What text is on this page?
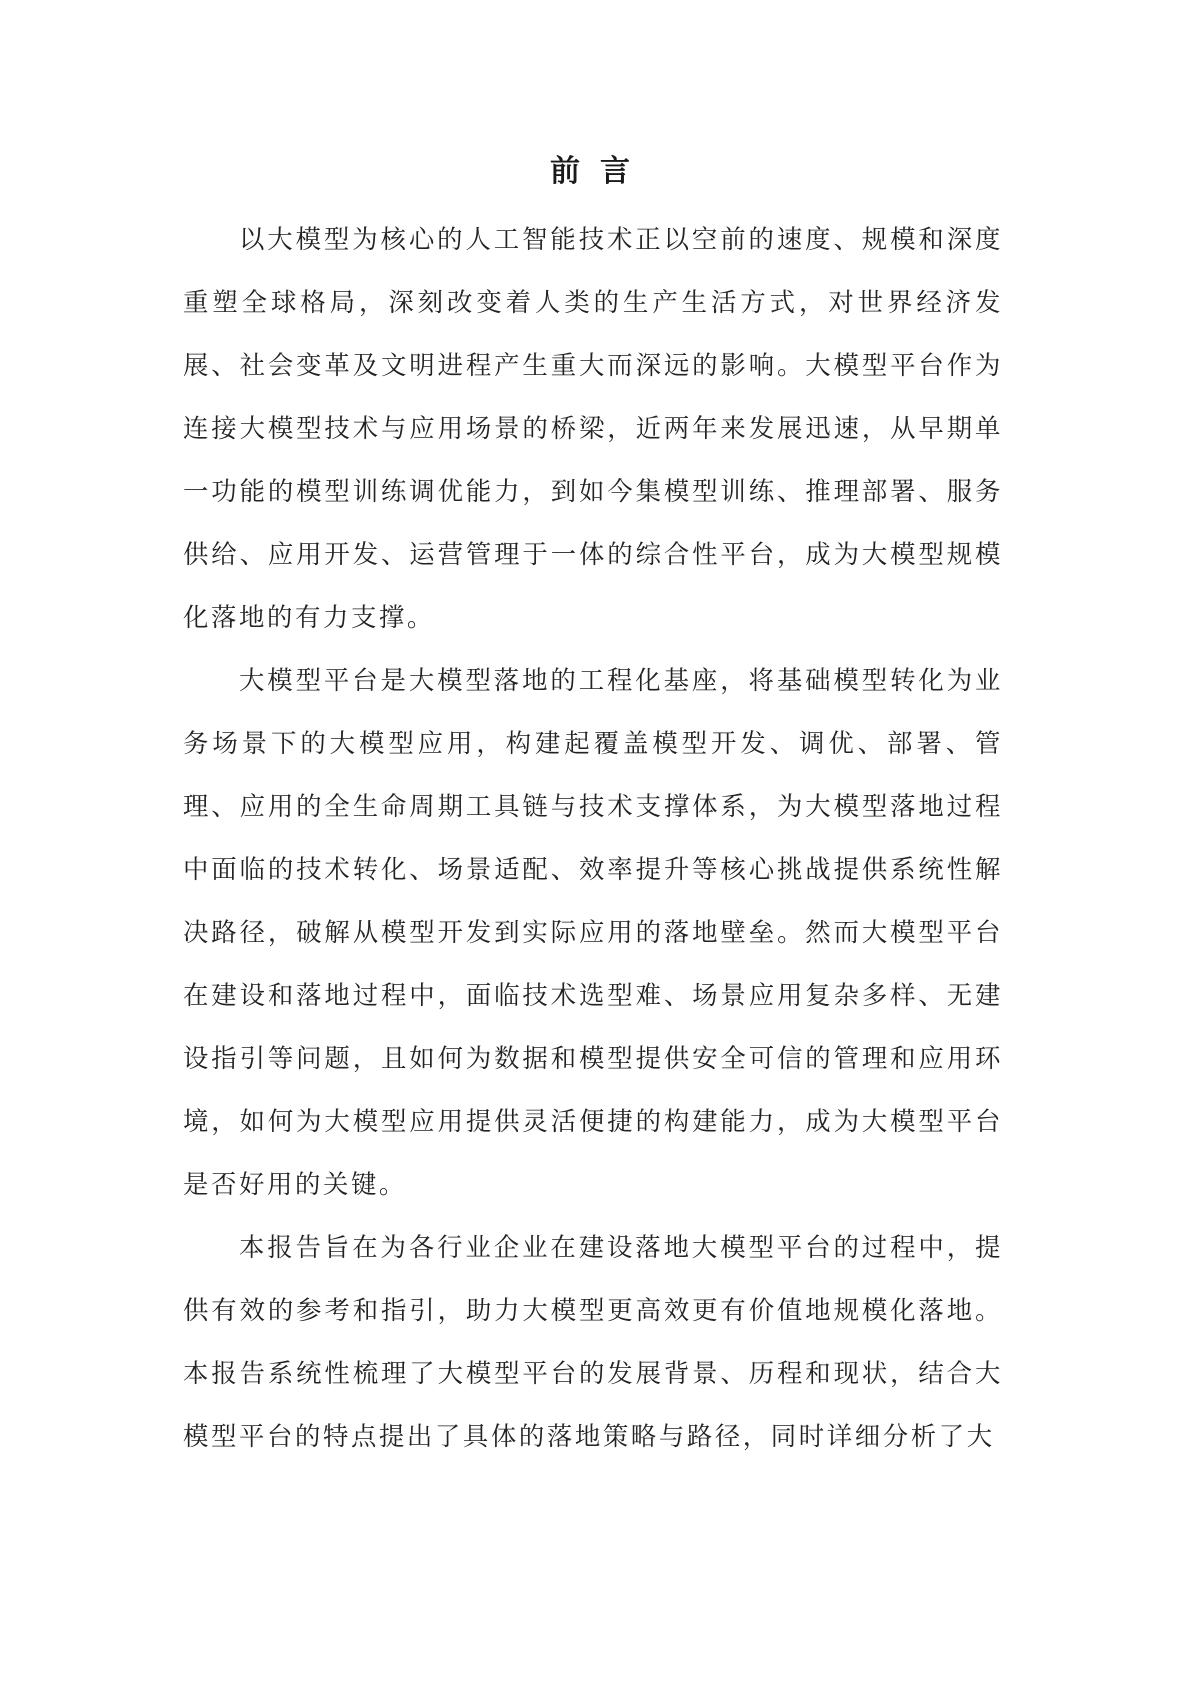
前言

以大模型为核心的人工智能技术正以空前的速度、规模和深度重塑全球格局，深刻改变着人类的生产生活方式，对世界经济发展、社会变革及文明进程产生重大而深远的影响。大模型平台作为连接大模型技术与应用场景的桥梁，近两年来发展迅速，从早期单一功能的模型训练调优能力，到如今集模型训练、推理部署、服务供给、应用开发、运营管理于一体的综合性平台，成为大模型规模化落地的有力支撑。

大模型平台是大模型落地的工程化基座，将基础模型转化为业务场景下的大模型应用，构建起覆盖模型开发、调优、部署、管理、应用的全生命周期工具链与技术支撑体系，为大模型落地过程中面临的技术转化、场景适配、效率提升等核心挑战提供系统性解决路径，破解从模型开发到实际应用的落地壁垒。然而大模型平台在建设和落地过程中，面临技术选型难、场景应用复杂多样、无建设指引等问题，且如何为数据和模型提供安全可信的管理和应用环境，如何为大模型应用提供灵活便捷的构建能力，成为大模型平台是否好用的关键。

本报告旨在为各行业企业在建设落地大模型平台的过程中，提供有效的参考和指引，助力大模型更高效更有价值地规模化落地。本报告系统性梳理了大模型平台的发展背景、历程和现状，结合大模型平台的特点提出了具体的落地策略与路径，同时详细分析了大
